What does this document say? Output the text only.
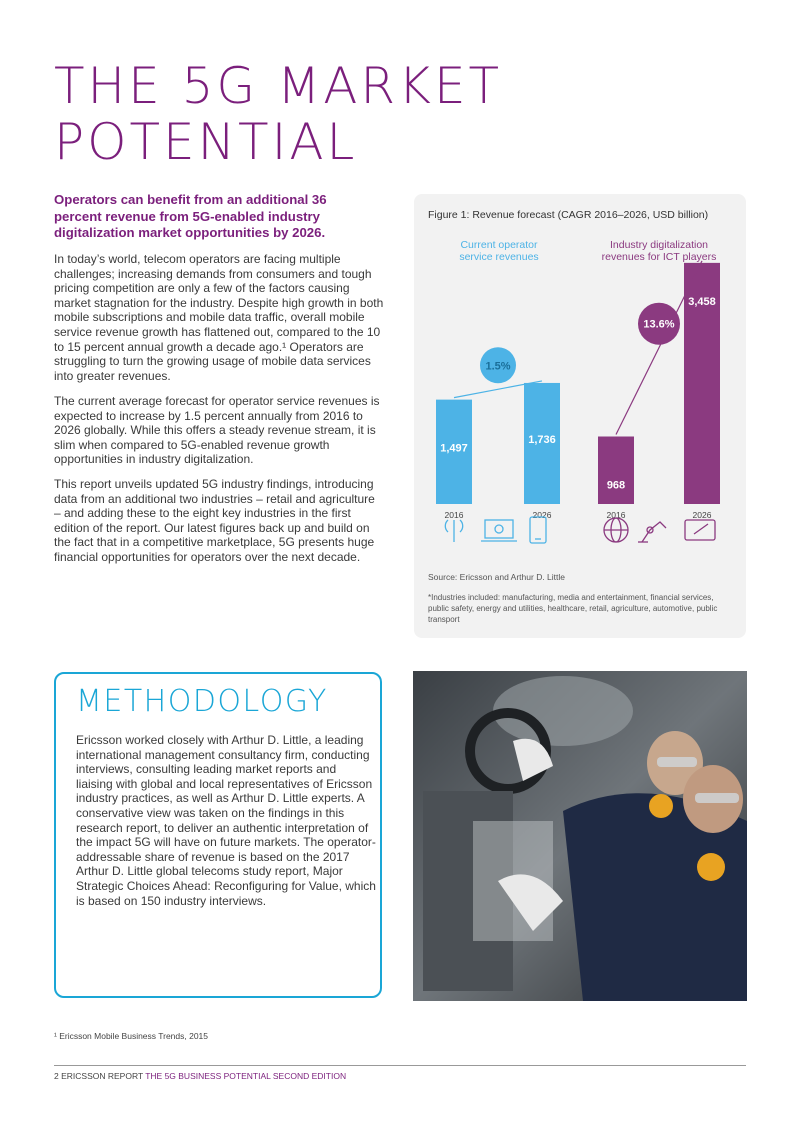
THE 5G MARKET
POTENTIAL

Operators can benefit from an additional 36 percent revenue from 5G-enabled industry digitalization market opportunities by 2026.

In today’s world, telecom operators are facing multiple challenges; increasing demands from consumers and tough pricing competition are only a few of the factors causing market stagnation for the industry. Despite high growth in both mobile subscriptions and mobile data traffic, overall mobile service revenue growth has flattened out, compared to the 10 to 15 percent annual growth a decade ago.¹ Operators are struggling to turn the growing usage of mobile data services into greater revenues.

The current average forecast for operator service revenues is expected to increase by 1.5 percent annually from 2016 to 2026 globally. While this offers a steady revenue stream, it is slim when compared to 5G-enabled revenue growth opportunities in industry digitalization.

This report unveils updated 5G industry findings, introducing data from an additional two industries – retail and agriculture – and adding these to the eight key industries in the first edition of the report. Our latest figures back up and build on the fact that in a competitive marketplace, 5G presents huge financial opportunities for operators over the next decade.

Figure 1: Revenue forecast (CAGR 2016–2026, USD billion)

Current operator
service revenues
1,497
2016
1,736
2026
1.5%
Industry digitalization
revenues for ICT players
968
2016
3,458
2026
13.6%

Source: Ericsson and Arthur D. Little

*Industries included: manufacturing, media and entertainment, financial services, public safety, energy and utilities, healthcare, retail, agriculture, automotive, public transport

METHODOLOGY

Ericsson worked closely with Arthur D. Little, a leading international management consultancy firm, conducting interviews, consulting leading market reports and liaising with global and local representatives of Ericsson industry practices, as well as Arthur D. Little experts. A conservative view was taken on the findings in this research report, to deliver an authentic interpretation of the impact 5G will have on future markets. The operator-addressable share of revenue is based on the 2017 Arthur D. Little global telecoms study report, Major Strategic Choices Ahead: Reconfiguring for Value, which is based on 150 industry interviews.

¹ Ericsson Mobile Business Trends, 2015

2 ERICSSON REPORT THE 5G BUSINESS POTENTIAL SECOND EDITION
